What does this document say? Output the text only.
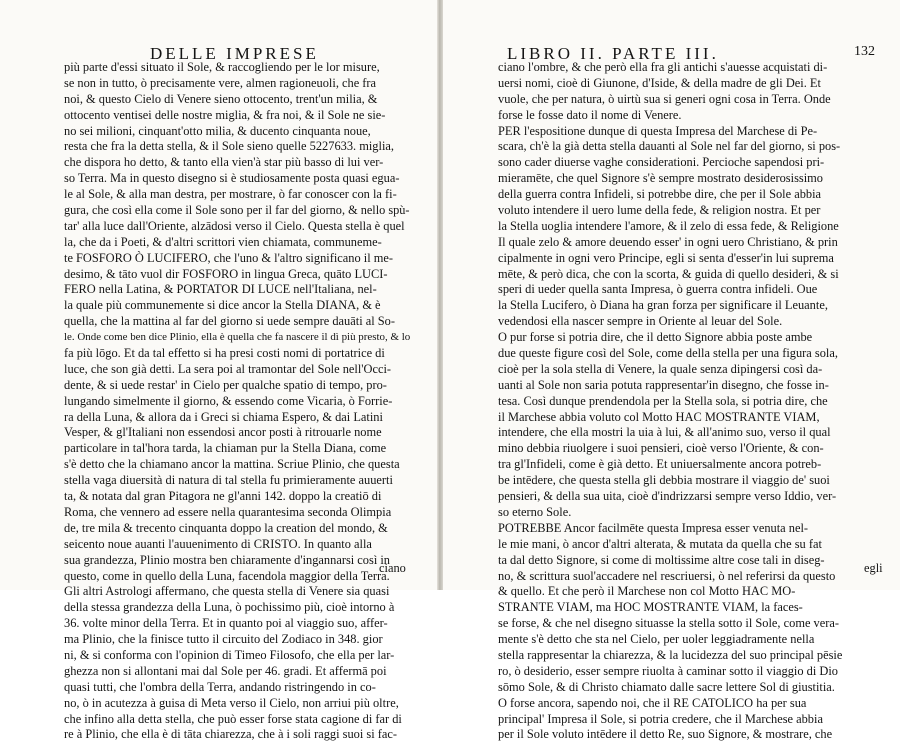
DELLE IMPRESE
più parte d'essi situato il Sole, & raccogliendo per le lor misure,
se non in tutto, ò precisamente vere, almen ragioneuoli, che fra
noi, & questo Cielo di Venere sieno ottocento, trent'un milia, &
ottocento ventisei delle nostre miglia, & fra noi, & il Sole ne sie-
no sei milioni, cinquant'otto milia, & ducento cinquanta noue,
resta che fra la detta stella, & il Sole sieno quelle 5227633. miglia,
che dispora ho detto, & tanto ella vien'à star più basso di lui ver-
so Terra. Ma in questo disegno si è studiosamente posta quasi egua-
le al Sole, & alla man destra, per mostrare, ò far conoscer con la fi-
gura, che così ella come il Sole sono per il far del giorno, & nello spù-
tar' alla luce dall'Oriente, alzādosi verso il Cielo. Questa stella è quel
la, che da i Poeti, & d'altri scrittori vien chiamata, communeme-
te FOSFORO Ò LUCIFERO, che l'uno & l'altro significano il me-
desimo, & tāto vuol dir FOSFORO in lingua Greca, quāto LUCI-
FERO nella Latina, & PORTATOR DI LUCE nell'Italiana, nel-
la quale più communemente si dice ancor la Stella DIANA, & è
quella, che la mattina al far del giorno si uede sempre dauāti al So-
le. Onde come ben dice Plinio, ella è quella che fa nascere il dì più presto, & lo
fa più lōgo. Et da tal effetto si ha presi costi nomi di portatrice di
luce, che son già detti. La sera poi al tramontar del Sole nell'Occi-
dente, & si uede restar' in Cielo per qualche spatio di tempo, pro-
lungando simelmente il giorno, & essendo come Vicaria, ò Forrie-
ra della Luna, & allora da i Greci si chiama Espero, & dai Latini
Vesper, & gl'Italiani non essendosi ancor posti à ritrouarle nome
particolare in tal'hora tarda, la chiaman pur la Stella Diana, come
s'è detto che la chiamano ancor la mattina. Scriue Plinio, che questa
stella vaga diuersità di natura di tal stella fu primieramente auuerti
ta, & notata dal gran Pitagora ne gl'anni 142. doppo la creatiō di
Roma, che vennero ad essere nella quarantesima seconda Olimpia
de, tre mila & trecento cinquanta doppo la creation del mondo, &
seicento noue auanti l'auuenimento di CRISTO. In quanto alla
sua grandezza, Plinio mostra ben chiaramente d'ingannarsi così in
questo, come in quello della Luna, facendola maggior della Terra.
Gli altri Astrologi affermano, che questa stella di Venere sia quasi
della stessa grandezza della Luna, ò pochissimo più, cioè intorno à
36. volte minor della Terra. Et in quanto poi al viaggio suo, affer-
ma Plinio, che la finisce tutto il circuito del Zodiaco in 348. gior
ni, & si conforma con l'opinion di Timeo Filosofo, che ella per lar-
ghezza non si allontani mai dal Sole per 46. gradi. Et affermā poi
quasi tutti, che l'ombra della Terra, andando ristringendo in co-
no, ò in acutezza à guisa di Meta verso il Cielo, non arriui più oltre,
che infino alla detta stella, che può esser forse stata cagione di far di
re à Plinio, che ella è di tāta chiarezza, che à i soli raggi suoi si fac-
ciano
LIBRO II. PARTE III.	132
ciano l'ombre, & che però ella fra gli antichi s'auesse acquistati di-
uersi nomi, cioè di Giunone, d'Iside, & della madre de gli Dei. Et
vuole, che per natura, ò uirtù sua si generi ogni cosa in Terra. Onde
forse le fosse dato il nome di Venere.
PER l'espositione dunque di questa Impresa del Marchese di Pe-
scara, ch'è la già detta stella dauanti al Sole nel far del giorno, si pos-
sono cader diuerse vaghe considerationi. Percioche sapendosi pri-
mieramēte, che quel Signore s'è sempre mostrato desiderosissimo
della guerra contra Infideli, si potrebbe dire, che per il Sole abbia
voluto intendere il uero lume della fede, & religion nostra. Et per
la Stella uoglia intendere l'amore, & il zelo di essa fede, & Religione
Il quale zelo & amore deuendo esser' in ogni uero Christiano, & prin
cipalmente in ogni vero Principe, egli si senta d'esser'in lui suprema
mēte, & però dica, che con la scorta, & guida di quello desideri, & si
speri di ueder quella santa Impresa, ò guerra contra infideli. Oue
la Stella Lucifero, ò Diana ha gran forza per significare il Leuante,
vedendosi ella nascer sempre in Oriente al leuar del Sole.
O pur forse si potria dire, che il detto Signore abbia poste ambe
due queste figure così del Sole, come della stella per una figura sola,
cioè per la sola stella di Venere, la quale senza dipingersi così da-
uanti al Sole non saria potuta rappresentar'in disegno, che fosse in-
tesa. Così dunque prendendola per la Stella sola, si potria dire, che
il Marchese abbia voluto col Motto HAC MOSTRANTE VIAM,
intendere, che ella mostri la uia à lui, & all'animo suo, verso il qual
mino debbia riuolgere i suoi pensieri, cioè verso l'Oriente, & con-
tra gl'Infideli, come è già detto. Et uniuersalmente ancora potreb-
be intēdere, che questa stella gli debbia mostrare il viaggio de' suoi
pensieri, & della sua uita, cioè d'indrizzarsi sempre verso Iddio, ver-
so eterno Sole.
POTREBBE Ancor facilmēte questa Impresa esser venuta nel-
le mie mani, ò ancor d'altri alterata, & mutata da quella che su fat
ta dal detto Signore, si come di moltissime altre cose tali in diseg-
no, & scrittura suol'accadere nel rescriuersi, ò nel referirsi da questo
& quello. Et che però il Marchese non col Motto HAC MO-
STRANTE VIAM, ma HOC MOSTRANTE VIAM, la faces-
se forse, & che nel disegno situasse la stella sotto il Sole, come vera-
mente s'è detto che sta nel Cielo, per uoler leggiadramente nella
stella rappresentar la chiarezza, & la lucidezza del suo principal pēsie
ro, ò desiderio, esser sempre riuolta à caminar sotto il viaggio di Dio
sōmo Sole, & di Christo chiamato dalle sacre lettere Sol di giustitia.
O forse ancora, sapendo noi, che il RE CATOLICO ha per sua
principal' Impresa il Sole, si potria credere, che il Marchese abbia
per il Sole voluto intēdere il detto Re, suo Signore, & mostrare, che
egli
